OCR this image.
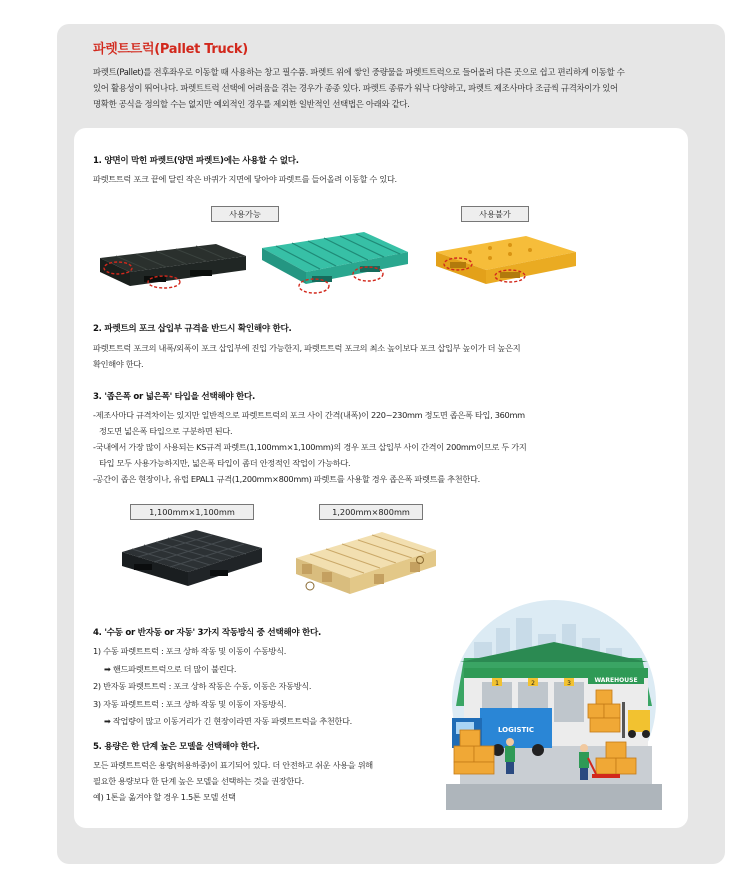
파렛트트럭(Pallet Truck)
파렛트(Pallet)를 전후좌우로 이동할 때 사용하는 창고 필수품. 파렛트 위에 쌓인 중량물을 파렛트트럭으로 들어올려 다른 곳으로 쉽고 편리하게 이동할 수
있어 활용성이 뛰어나다. 파렛트트럭 선택에 어려움을 겪는 경우가 종종 있다. 파렛트 종류가 워낙 다양하고, 파렛트 제조사마다 조금씩 규격차이가 있어
명확한 공식을 정의할 수는 없지만 예외적인 경우를 제외한 일반적인 선택법은 아래와 같다.
1. 양면이 막힌 파렛트(양면 파렛트)에는 사용할 수 없다.
파렛트트럭 포크 끝에 달린 작은 바퀴가 지면에 닿아야 파렛트를 들어올려 이동할 수 있다.
사용가능	사용불가
2. 파렛트의 포크 삽입부 규격을 반드시 확인해야 한다.
파렛트트럭 포크의 내폭/외폭이 포크 삽입부에 진입 가능한지, 파렛트트럭 포크의 최소 높이보다 포크 삽입부 높이가 더 높은지
확인해야 한다.
3. '좁은폭 or 넓은폭' 타입을 선택해야 한다.
-제조사마다 규격차이는 있지만 일반적으로 파렛트트럭의 포크 사이 간격(내폭)이 220~230mm 정도면 좁은폭 타입, 360mm
정도면 넓은폭 타입으로 구분하면 된다.
-국내에서 가장 많이 사용되는 KS규격 파렛트(1,100mm×1,100mm)의 경우 포크 삽입부 사이 간격이 200mm이므로 두 가지
타입 모두 사용가능하지만, 넓은폭 타입이 좀더 안정적인 작업이 가능하다.
-공간이 좁은 현장이나, 유럽 EPAL1 규격(1,200mm×800mm) 파렛트를 사용할 경우 좁은폭 파렛트를 추천한다.
1,100mm×1,100mm	1,200mm×800mm
4. '수동 or 반자동 or 자동' 3가지 작동방식 중 선택해야 한다.
1) 수동 파렛트트럭 : 포크 상하 작동 및 이동이 수동방식.
➡ 핸드파렛트트럭으로 더 많이 불린다.
2) 반자동 파렛트트럭 : 포크 상하 작동은 수동, 이동은 자동방식.
3) 자동 파렛트트럭 : 포크 상하 작동 및 이동이 자동방식.
➡ 작업량이 많고 이동거리가 긴 현장이라면 자동 파렛트트럭을 추천한다.
5. 용량은 한 단계 높은 모델을 선택해야 한다.
모든 파렛트트럭은 용량(허용하중)이 표기되어 있다. 더 안전하고 쉬운 사용을 위해
필요한 용량보다 한 단계 높은 모델을 선택하는 것을 권장한다.
예) 1톤을 옮겨야 할 경우 1.5톤 모델 선택
WAREHOUSE
1	2	3
LOGISTIC
